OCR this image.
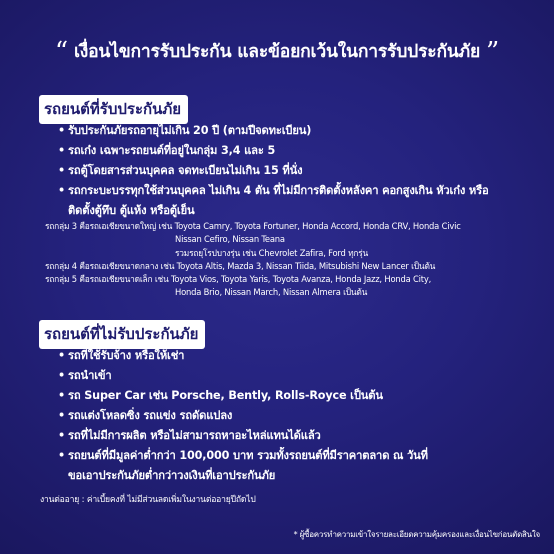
“ เงื่อนไขการรับประกัน และข้อยกเว้นในการรับประกันภัย ”
รถยนต์ที่รับประกันภัย
• รับประกันภัยรถอายุไม่เกิน 20 ปี (ตามปีจดทะเบียน)
• รถเก๋ง เฉพาะรถยนต์ที่อยู่ในกลุ่ม 3,4 และ 5
• รถตู้โดยสารส่วนบุคคล จดทะเบียนไม่เกิน 15 ที่นั่ง
• รถกระบะบรรทุกใช้ส่วนบุคคล ไม่เกิน 4 ตัน ที่ไม่มีการติดตั้งหลังคา คอกสูงเกิน หัวเก๋ง หรือ
ติดตั้งตู้ทึบ ตู้แห้ง หรือตู้เย็น
รถกลุ่ม 3 คือรถเอเชียขนาดใหญ่ เช่น Toyota Camry, Toyota Fortuner, Honda Accord, Honda CRV, Honda Civic
Nissan Cefiro, Nissan Teana
รวมรถยุโรปบางรุ่น เช่น Chevrolet Zafira, Ford ทุกรุ่น
รถกลุ่ม 4 คือรถเอเชียขนาดกลาง เช่น Toyota Altis, Mazda 3, Nissan Tiida, Mitsubishi New Lancer เป็นต้น
รถกลุ่ม 5 คือรถเอเชียขนาดเล็ก เช่น Toyota Vios, Toyota Yaris, Toyota Avanza, Honda Jazz, Honda City,
Honda Brio, Nissan March, Nissan Almera เป็นต้น
รถยนต์ที่ไม่รับประกันภัย
• รถที่ใช้รับจ้าง หรือให้เช่า
• รถนำเข้า
• รถ Super Car เช่น Porsche, Bently, Rolls-Royce เป็นต้น
• รถแต่งโหลดซิ่ง รถแข่ง รถดัดแปลง
• รถที่ไม่มีการผลิต หรือไม่สามารถหาอะไหล่แทนได้แล้ว
• รถยนต์ที่มีมูลค่าต่ำกว่า 100,000 บาท รวมทั้งรถยนต์ที่มีราคาตลาด ณ วันที่
ขอเอาประกันภัยต่ำกว่าวงเงินที่เอาประกันภัย
งานต่ออายุ : ค่าเบี้ยคงที่ ไม่มีส่วนลดเพิ่มในงานต่ออายุปีถัดไป
* ผู้ซื้อควรทำความเข้าใจรายละเอียดความคุ้มครองและเงื่อนไขก่อนตัดสินใจ
